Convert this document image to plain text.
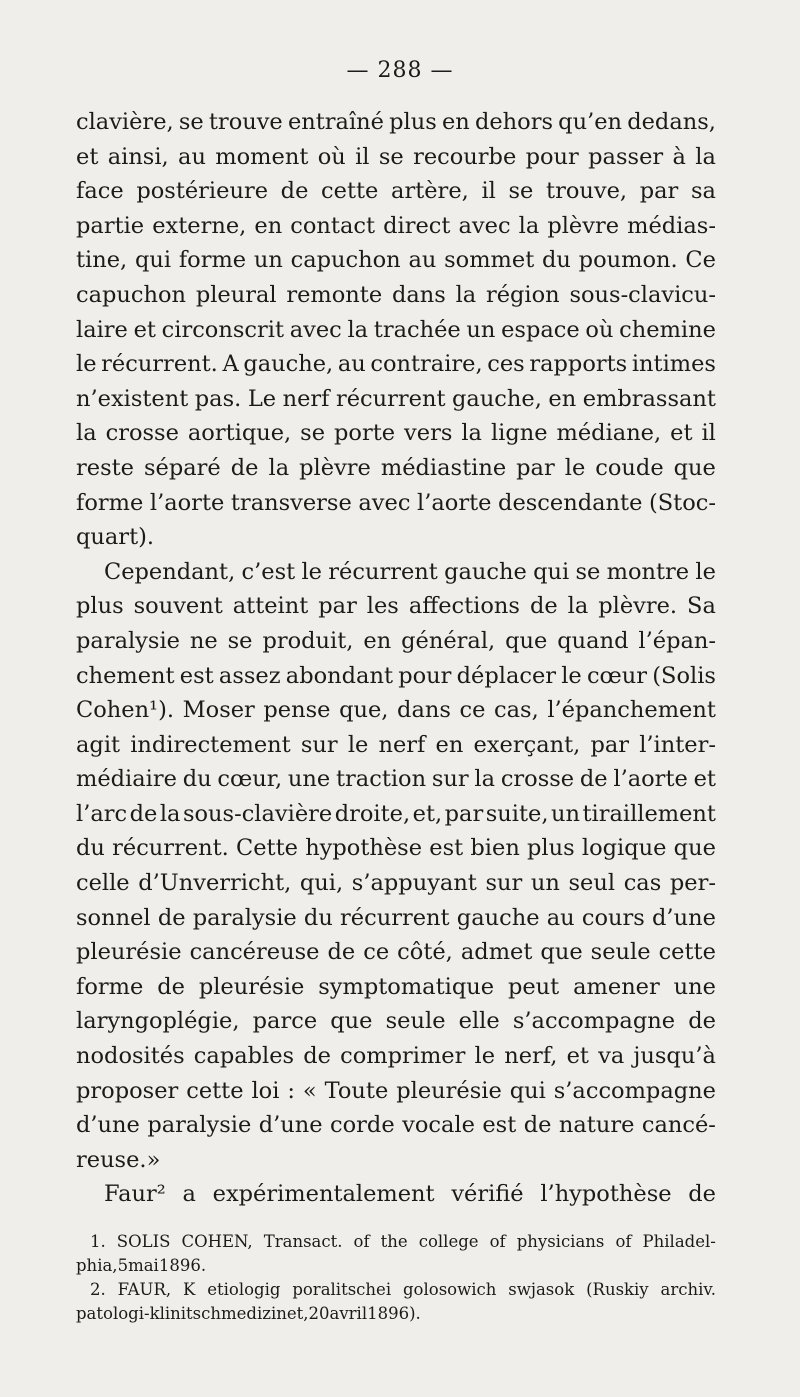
— 288 —
clavière, se trouve entraîné plus en dehors qu’en dedans,
et ainsi, au moment où il se recourbe pour passer à la
face postérieure de cette artère, il se trouve, par sa
partie externe, en contact direct avec la plèvre médias-
tine, qui forme un capuchon au sommet du poumon. Ce
capuchon pleural remonte dans la région sous-clavicu-
laire et circonscrit avec la trachée un espace où chemine
le récurrent. A gauche, au contraire, ces rapports intimes
n’existent pas. Le nerf récurrent gauche, en embrassant
la crosse aortique, se porte vers la ligne médiane, et il
reste séparé de la plèvre médiastine par le coude que
forme l’aorte transverse avec l’aorte descendante (Stoc-
quart).
Cependant, c’est le récurrent gauche qui se montre le
plus souvent atteint par les affections de la plèvre. Sa
paralysie ne se produit, en général, que quand l’épan-
chement est assez abondant pour déplacer le cœur (Solis
Cohen¹). Moser pense que, dans ce cas, l’épanchement
agit indirectement sur le nerf en exerçant, par l’inter-
médiaire du cœur, une traction sur la crosse de l’aorte et
l’arc de la sous-clavière droite, et, par suite, un tiraillement
du récurrent. Cette hypothèse est bien plus logique que
celle d’Unverricht, qui, s’appuyant sur un seul cas per-
sonnel de paralysie du récurrent gauche au cours d’une
pleurésie cancéreuse de ce côté, admet que seule cette
forme de pleurésie symptomatique peut amener une
laryngoplégie, parce que seule elle s’accompagne de
nodosités capables de comprimer le nerf, et va jusqu’à
proposer cette loi : « Toute pleurésie qui s’accompagne
d’une paralysie d’une corde vocale est de nature cancé-
reuse. »
Faur² a expérimentalement vérifié l’hypothèse de
1. SOLIS COHEN, Transact. of the college of physicians of Philadel-
phia, 5 mai 1896.
2. FAUR, K etiologig poralitschei golosowich swjasok (Ruskiy archiv.
patologi-klinitsch medizinet, 20 avril 1896).
